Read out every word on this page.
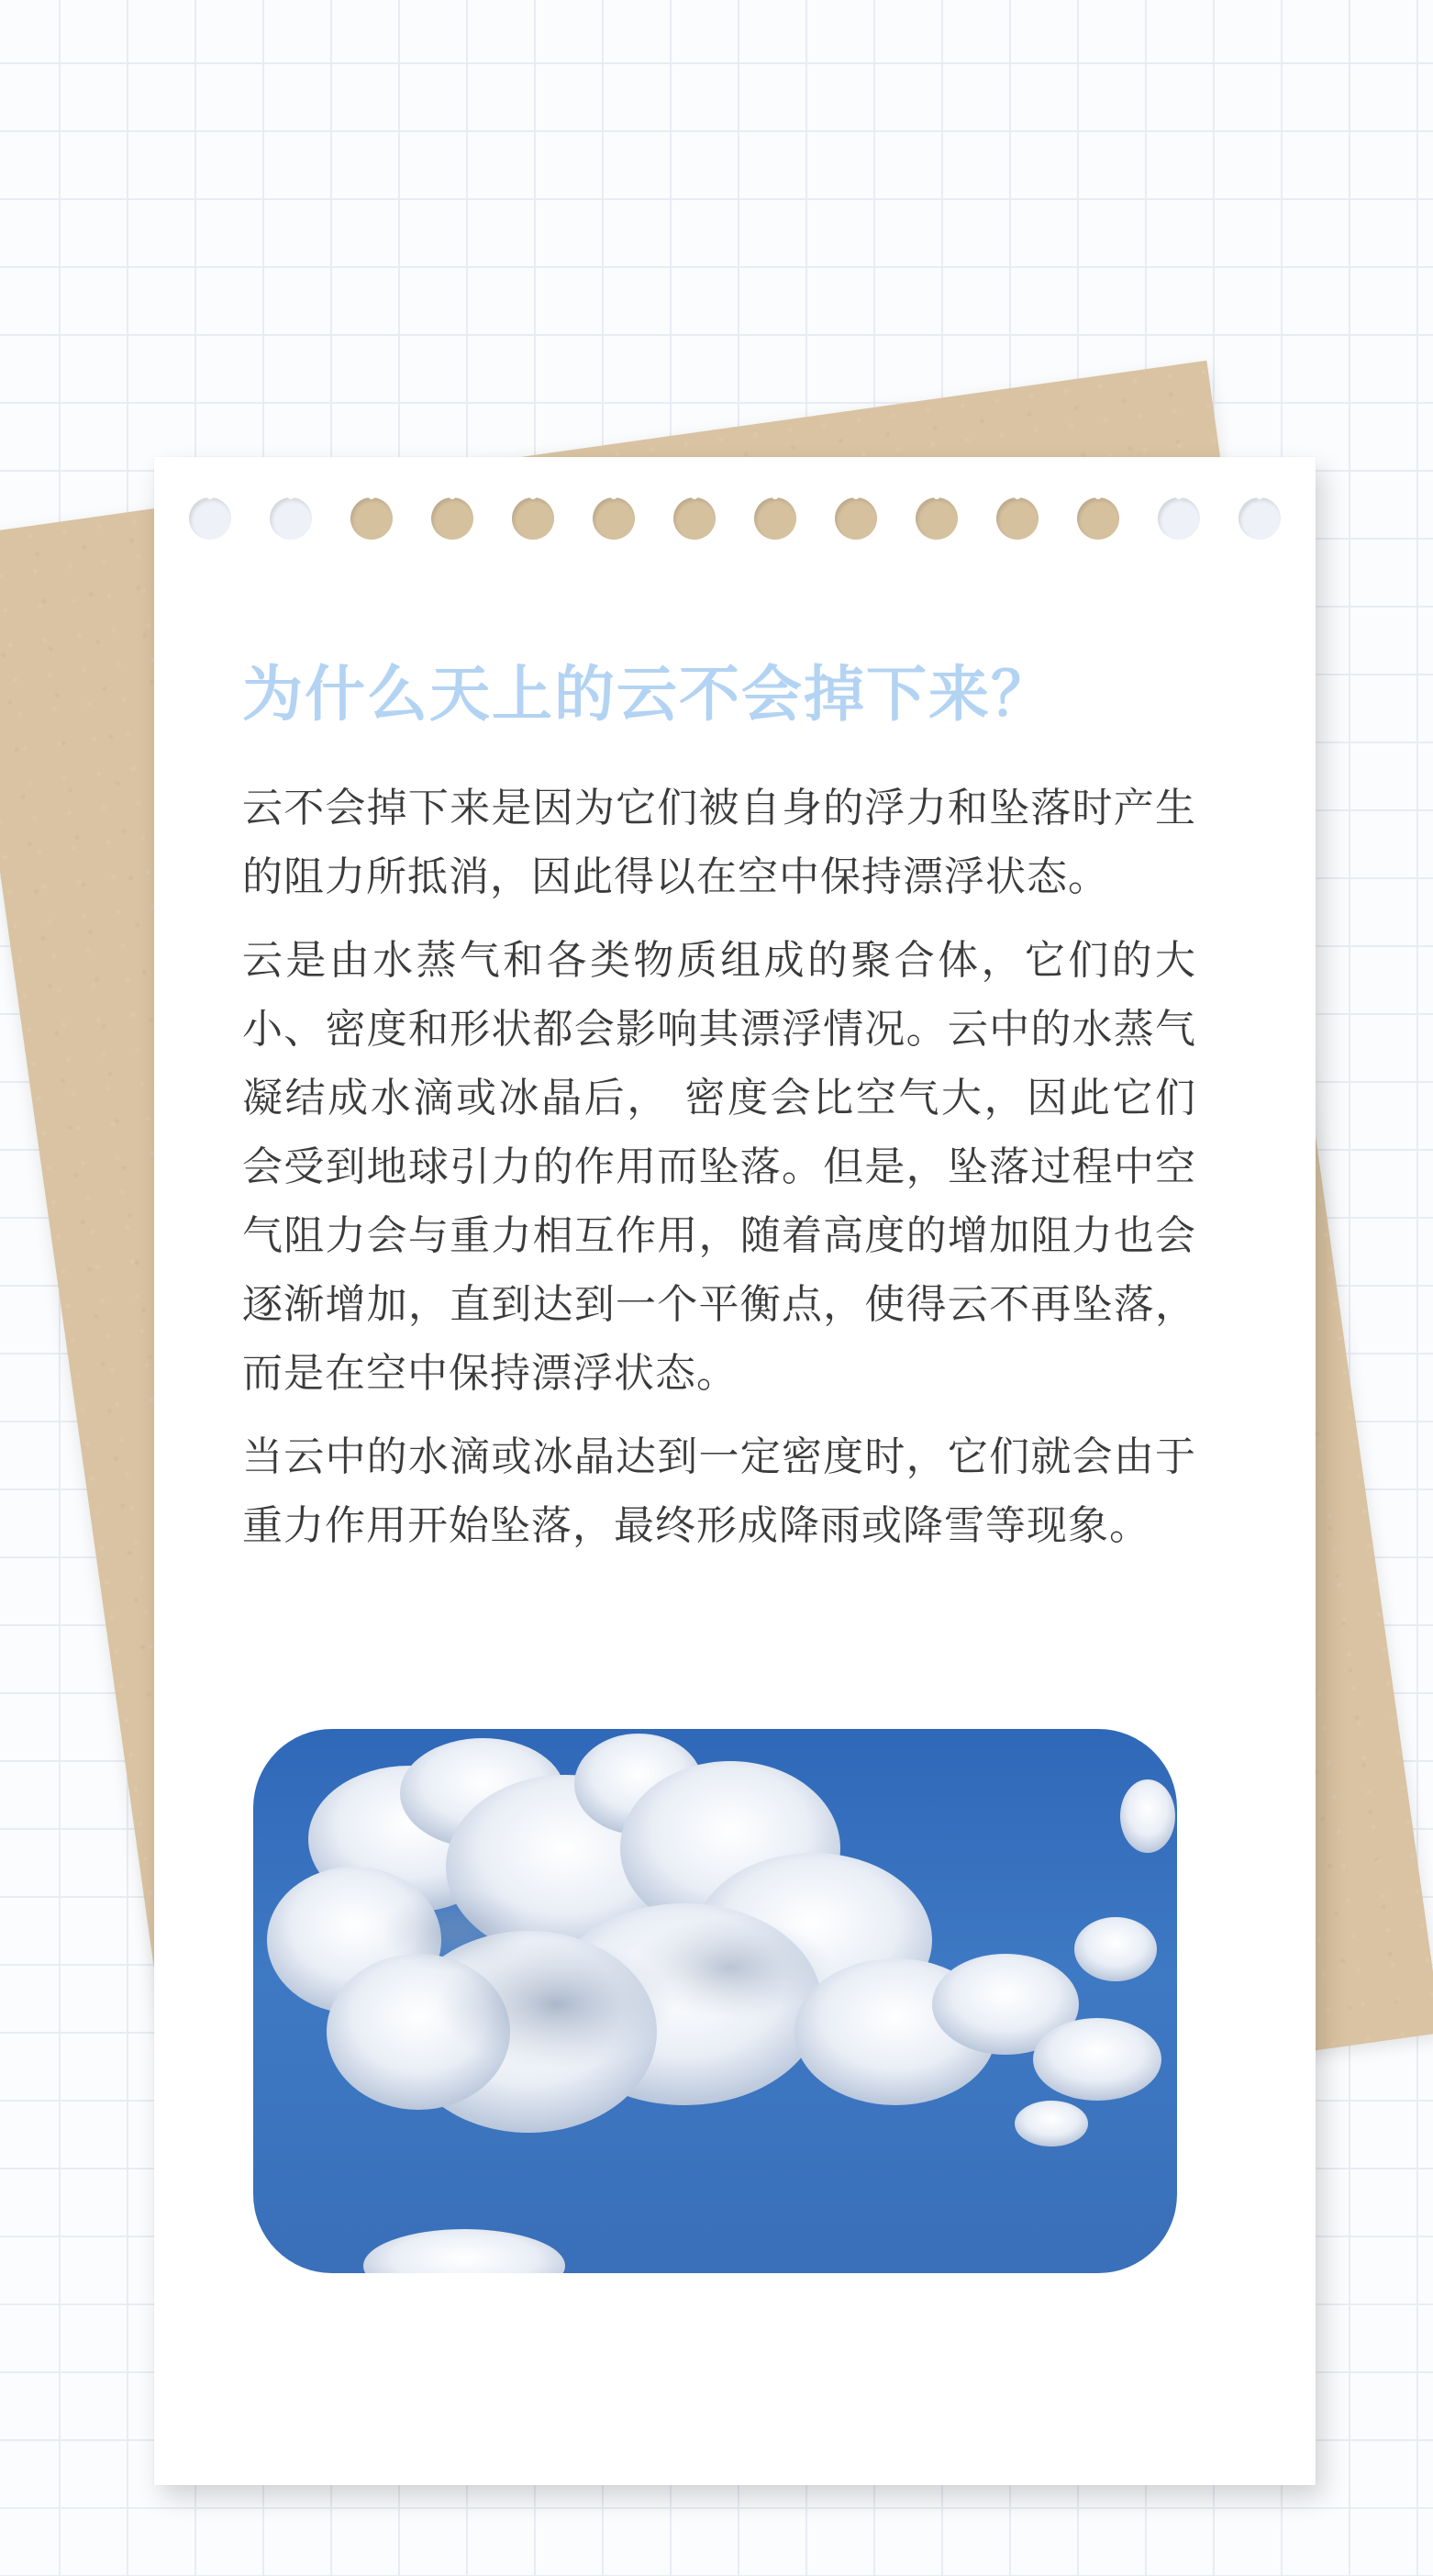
为什么天上的云不会掉下来？

云不会掉下来是因为它们被自身的浮力和坠落时产生的阻力所抵消，因此得以在空中保持漂浮状态。

云是由水蒸气和各类物质组成的聚合体，它们的大小、密度和形状都会影响其漂浮情况。云中的水蒸气凝结成水滴或冰晶后， 密度会比空气大，因此它们会受到地球引力的作用而坠落。但是，坠落过程中空气阻力会与重力相互作用，随着高度的增加阻力也会逐渐增加，直到达到一个平衡点，使得云不再坠落，而是在空中保持漂浮状态。

当云中的水滴或冰晶达到一定密度时，它们就会由于重力作用开始坠落，最终形成降雨或降雪等现象。
